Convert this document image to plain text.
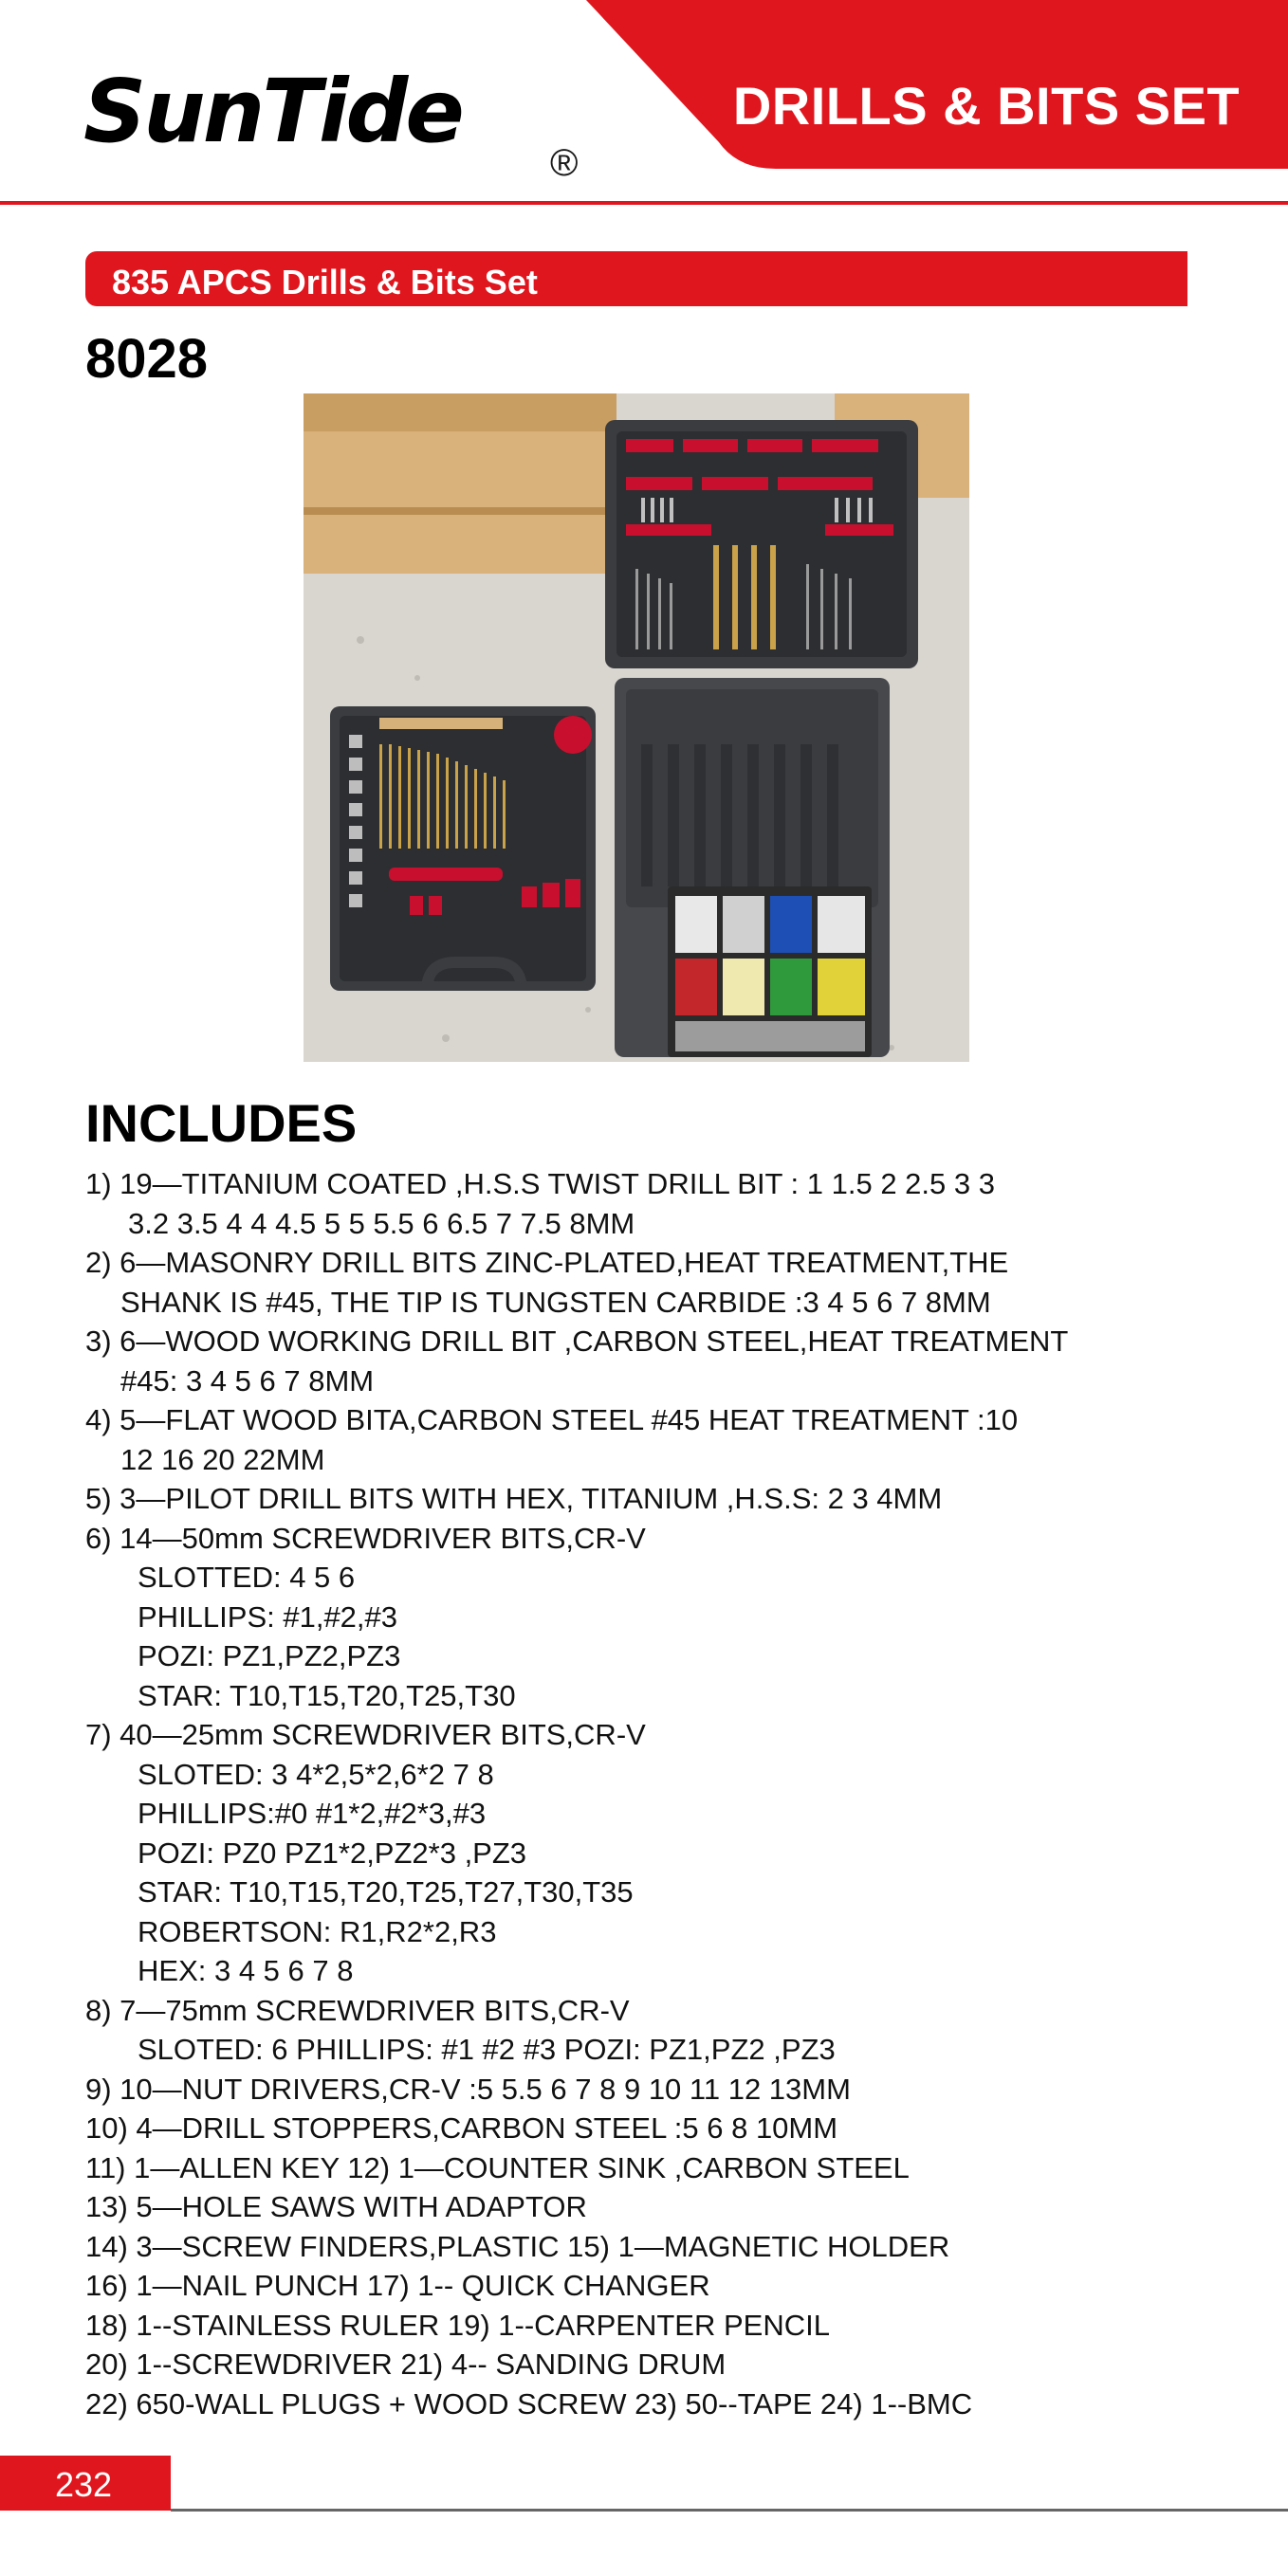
DRILLS & BITS SET
SunTide
®
835 APCS Drills & Bits Set
8028
INCLUDES
1) 19—TITANIUM COATED ,H.S.S TWIST DRILL BIT : 1 1.5 2 2.5 3 3
3.2 3.5 4 4 4.5 5 5 5.5 6 6.5 7 7.5 8MM
2) 6—MASONRY DRILL BITS ZINC-PLATED,HEAT TREATMENT,THE
SHANK IS #45, THE TIP IS TUNGSTEN CARBIDE :3 4 5 6 7 8MM
3) 6—WOOD WORKING DRILL BIT ,CARBON STEEL,HEAT TREATMENT
#45: 3 4 5 6 7 8MM
4) 5—FLAT WOOD BITA,CARBON STEEL #45 HEAT TREATMENT :10
12 16 20 22MM
5) 3—PILOT DRILL BITS WITH HEX, TITANIUM ,H.S.S: 2 3 4MM
6) 14—50mm SCREWDRIVER BITS,CR-V
SLOTTED: 4 5 6
PHILLIPS: #1,#2,#3
POZI: PZ1,PZ2,PZ3
STAR: T10,T15,T20,T25,T30
7) 40—25mm SCREWDRIVER BITS,CR-V
SLOTED: 3 4*2,5*2,6*2 7 8
PHILLIPS:#0 #1*2,#2*3,#3
POZI: PZ0 PZ1*2,PZ2*3 ,PZ3
STAR: T10,T15,T20,T25,T27,T30,T35
ROBERTSON: R1,R2*2,R3
HEX: 3 4 5 6 7 8
8) 7—75mm SCREWDRIVER BITS,CR-V
SLOTED: 6 PHILLIPS: #1 #2 #3 POZI: PZ1,PZ2 ,PZ3
9) 10—NUT DRIVERS,CR-V :5 5.5 6 7 8 9 10 11 12 13MM
10) 4—DRILL STOPPERS,CARBON STEEL :5 6 8 10MM
11) 1—ALLEN KEY 12) 1—COUNTER SINK ,CARBON STEEL
13) 5—HOLE SAWS WITH ADAPTOR
14) 3—SCREW FINDERS,PLASTIC 15) 1—MAGNETIC HOLDER
16) 1—NAIL PUNCH 17) 1-- QUICK CHANGER
18) 1--STAINLESS RULER 19) 1--CARPENTER PENCIL
20) 1--SCREWDRIVER 21) 4-- SANDING DRUM
22) 650-WALL PLUGS + WOOD SCREW 23) 50--TAPE 24) 1--BMC
232
